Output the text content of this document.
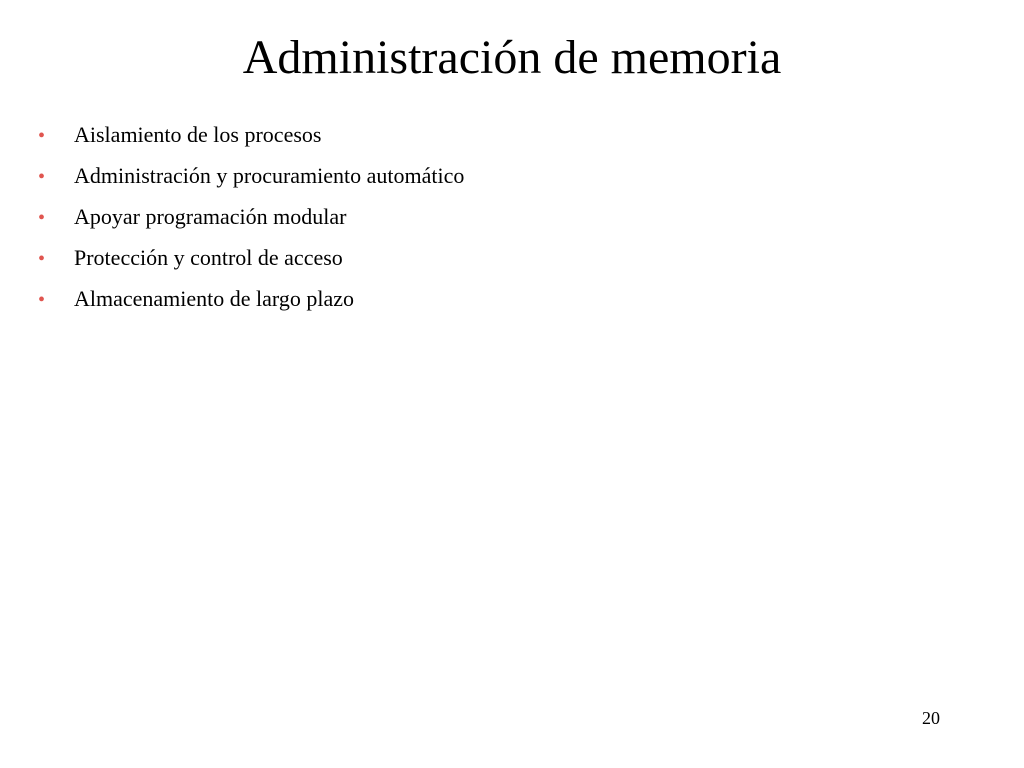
Administración de memoria
•	Aislamiento de los procesos
•	Administración y procuramiento automático
•	Apoyar programación modular
•	Protección y control de acceso
•	Almacenamiento de largo plazo
20
